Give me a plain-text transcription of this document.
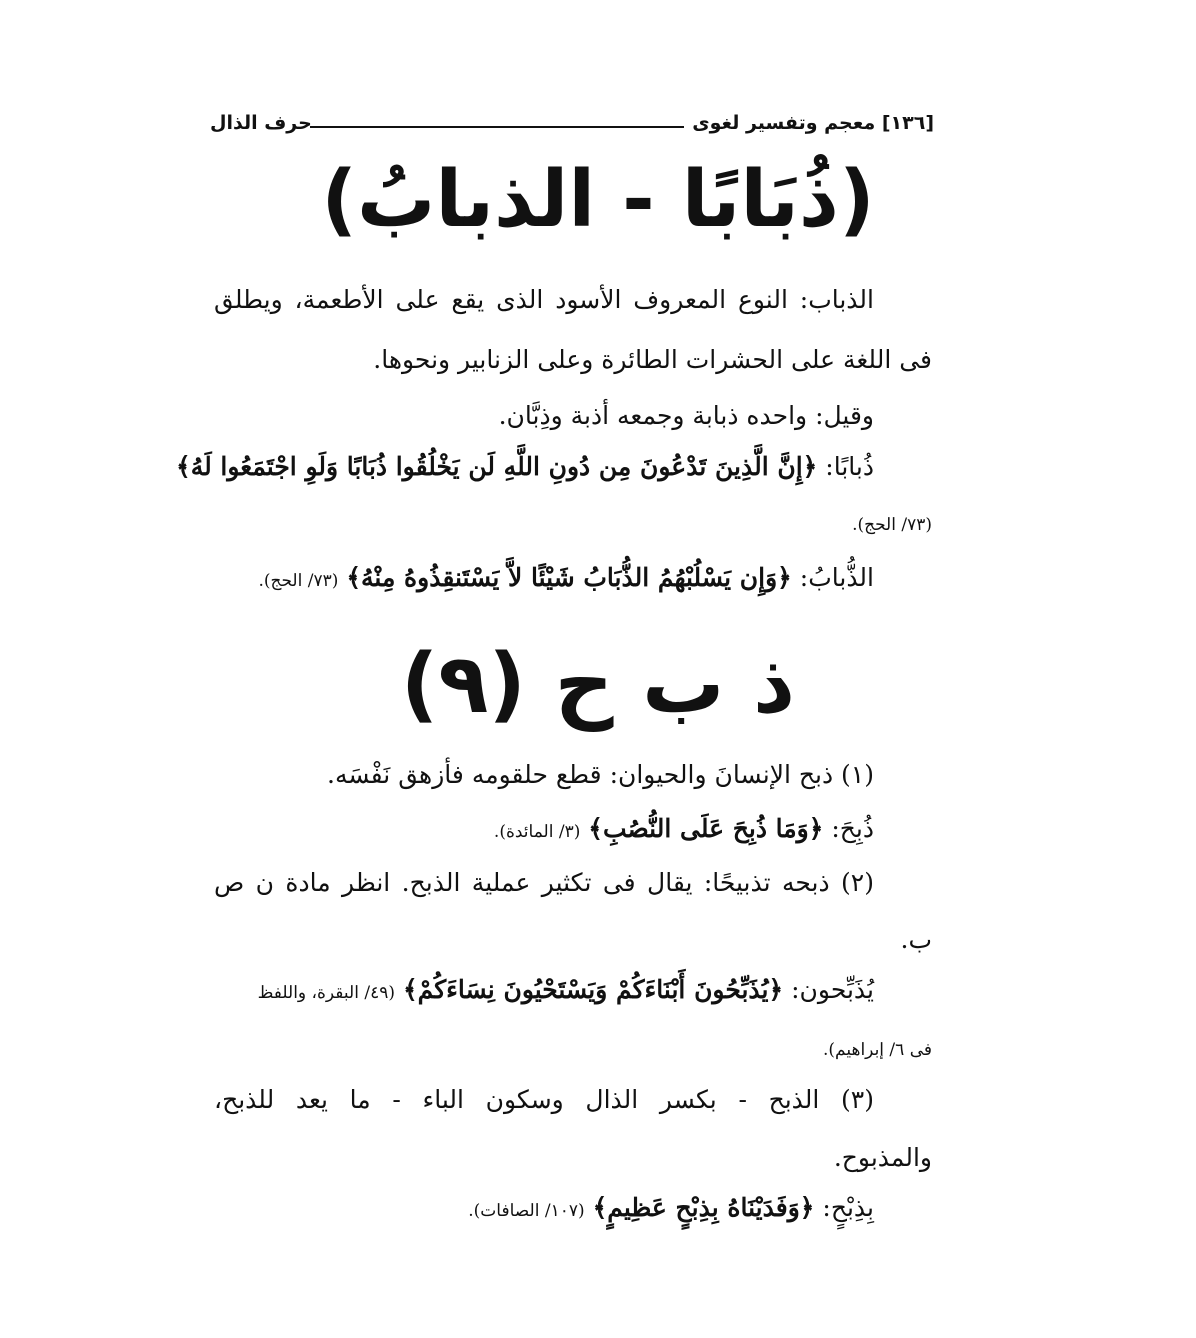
[١٣٦] معجم وتفسير لغوى
حرف الذال
(ذُبَابًا - الذبابُ)
الذباب: النوع المعروف الأسود الذى يقع على الأطعمة، ويطلق
فى اللغة على الحشرات الطائرة وعلى الزنابير ونحوها.
وقيل: واحده ذبابة وجمعه أذبة وذِبَّان.
ذُبابًا: ﴿إِنَّ الَّذِينَ تَدْعُونَ مِن دُونِ اللَّهِ لَن يَخْلُقُوا ذُبَابًا وَلَوِ اجْتَمَعُوا لَهُ﴾
(٧٣/ الحج).
الذُّبابُ: ﴿وَإِن يَسْلُبْهُمُ الذُّبَابُ شَيْئًا لاَّ يَسْتَنقِذُوهُ مِنْهُ﴾ (٧٣/ الحج).
ذ ب ح (٩)
(١) ذبح الإنسانَ والحيوان: قطع حلقومه فأزهق نَفْسَه.
ذُبِحَ: ﴿وَمَا ذُبِحَ عَلَى النُّصُبِ﴾ (٣/ المائدة).
(٢) ذبحه تذبيحًا: يقال فى تكثير عملية الذبح. انظر مادة ن ص
ب.
يُذَبِّحون: ﴿يُذَبِّحُونَ أَبْنَاءَكُمْ وَيَسْتَحْيُونَ نِسَاءَكُمْ﴾ (٤٩/ البقرة، واللفظ
فى ٦/ إبراهيم).
(٣) الذبح - بكسر الذال وسكون الباء - ما يعد للذبح،
والمذبوح.
بِذِبْحٍ: ﴿وَفَدَيْنَاهُ بِذِبْحٍ عَظِيمٍ﴾ (١٠٧/ الصافات).
